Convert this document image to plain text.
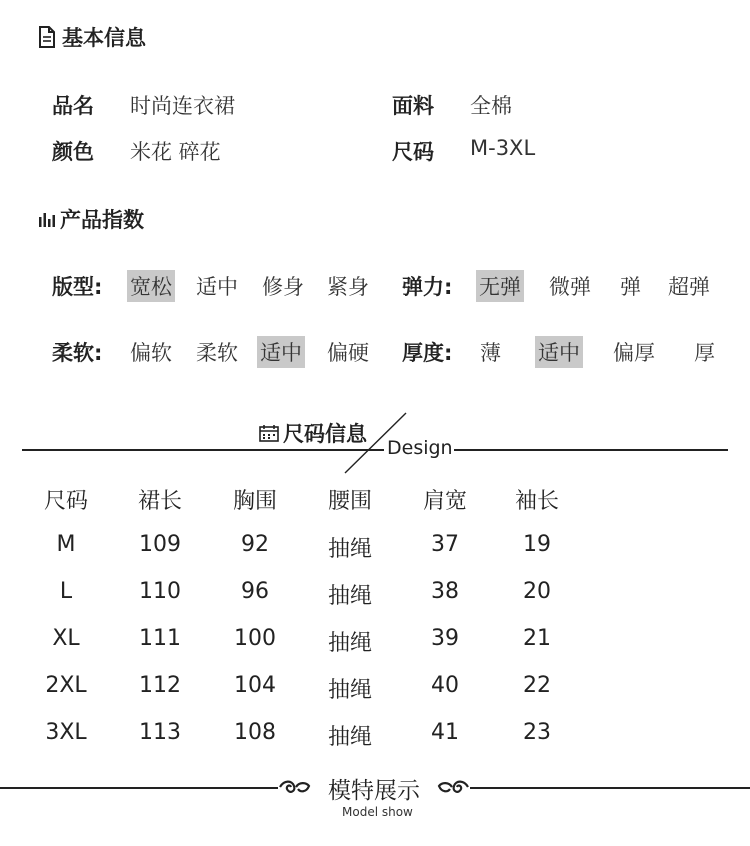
基本信息
品名 时尚连衣裙	面料 全棉
颜色 米花 碎花	尺码 M-3XL
产品指数
版型: 宽松 适中 修身 紧身 弹力: 无弹 微弹 弹 超弹
柔软: 偏软 柔软 适中 偏硬 厚度: 薄 适中 偏厚 厚
尺码信息
Design
尺码	裙长	胸围	腰围	肩宽	袖长
M	109	92	抽绳	37	19
L	110	96	抽绳	38	20
XL	111	100	抽绳	39	21
2XL	112	104	抽绳	40	22
3XL	113	108	抽绳	41	23
模特展示
Model show
